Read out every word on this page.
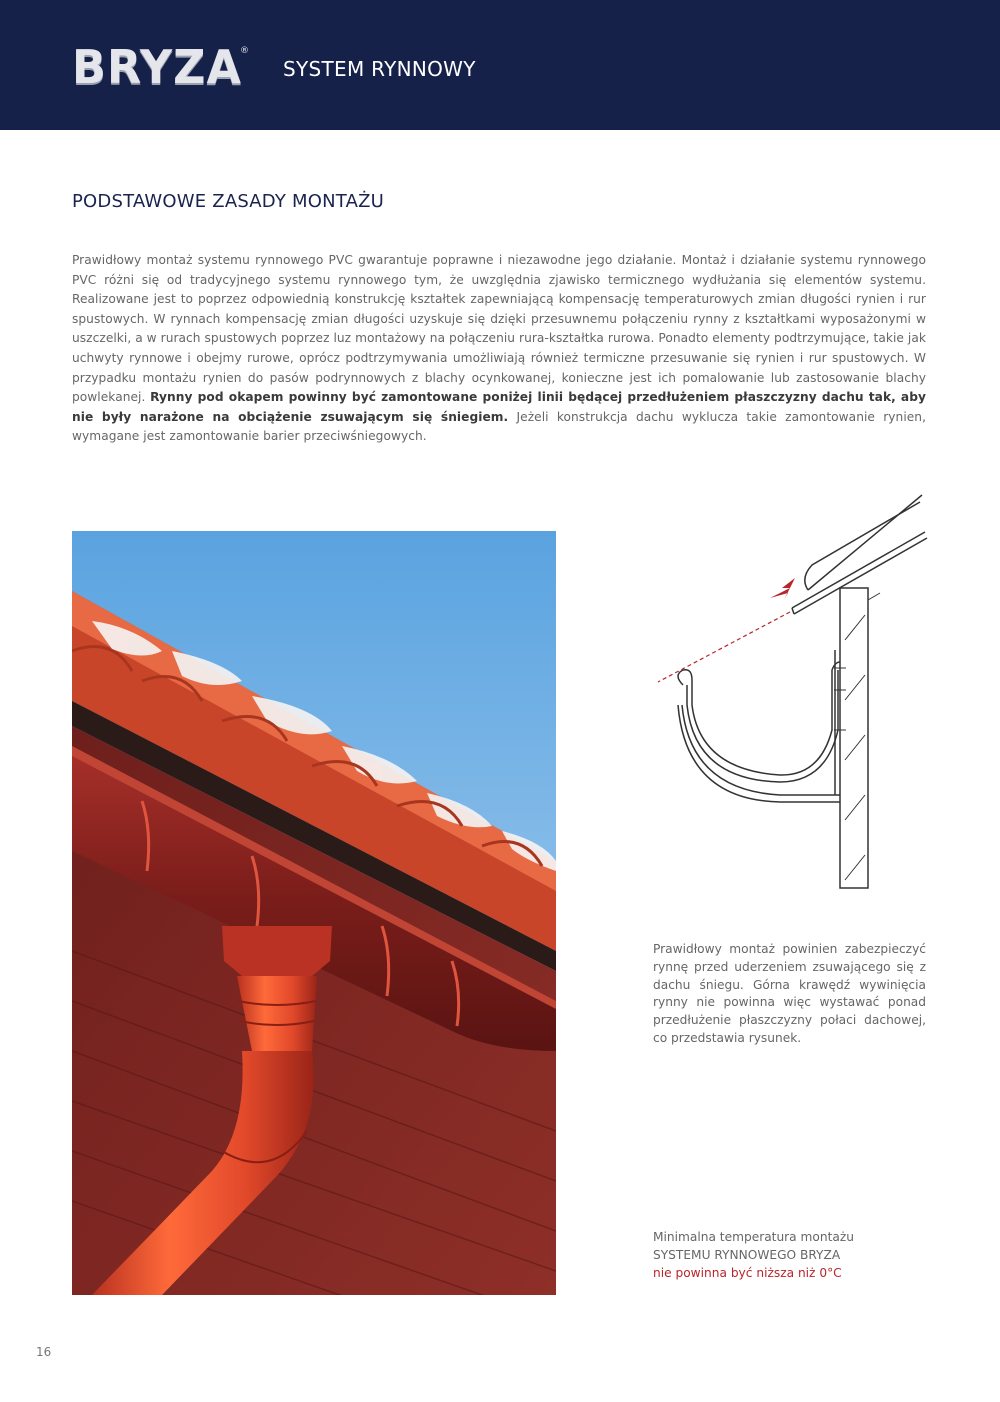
BRYZA
®
SYSTEM RYNNOWY
PODSTAWOWE ZASADY MONTAŻU
Prawidłowy montaż systemu rynnowego PVC gwarantuje poprawne i niezawodne jego działanie. Montaż i działanie systemu rynnowego PVC różni się od tradycyjnego systemu rynnowego tym, że uwzględnia zjawisko termicznego wydłużania się elementów systemu. Realizowane jest to poprzez odpowiednią konstrukcję kształtek zapewniającą kompensację temperaturowych zmian długości rynien i rur spustowych. W rynnach kompensację zmian długości uzyskuje się dzięki przesuwnemu połączeniu rynny z kształtkami wyposażonymi w uszczelki, a w rurach spustowych poprzez luz montażowy na połączeniu rura-kształtka rurowa. Ponadto elementy podtrzymujące, takie jak uchwyty rynnowe i obejmy rurowe, oprócz podtrzymywania umożliwiają również termiczne przesuwanie się rynien i rur spustowych. W przypadku montażu rynien do pasów podrynnowych z blachy ocynkowanej, konieczne jest ich pomalowanie lub zastosowanie blachy powlekanej. Rynny pod okapem powinny być zamontowane poniżej linii będącej przedłużeniem płaszczyzny dachu tak, aby nie były narażone na obciążenie zsuwającym się śniegiem. Jeżeli konstrukcja dachu wyklucza takie zamontowanie rynien, wymagane jest zamontowanie barier przeciwśniegowych.
Prawidłowy montaż powinien zabezpieczyć rynnę przed uderzeniem zsuwającego się z dachu śniegu. Górna krawędź wywinięcia rynny nie powinna więc wystawać ponad przedłużenie płaszczyzny połaci dachowej, co przedstawia rysunek.
Minimalna temperatura montażu
SYSTEMU RYNNOWEGO BRYZA
nie powinna być niższa niż 0°C
16
